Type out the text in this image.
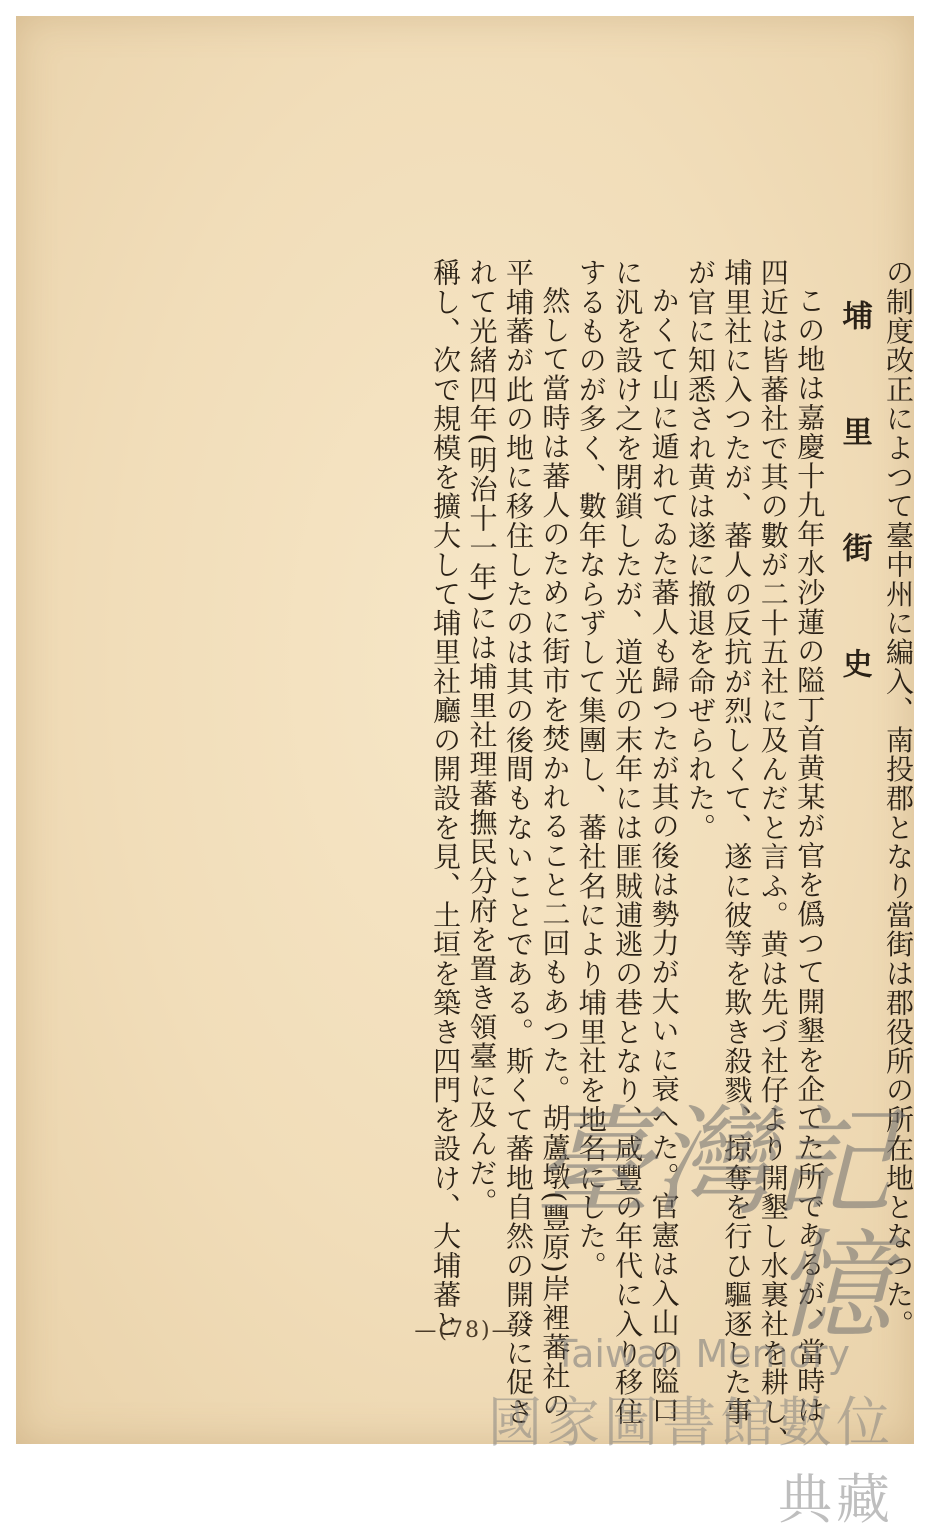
の制度改正によつて臺中州に編入、南投郡となり當街は郡役所の所在地となつた。

埔　里　街　史

この地は嘉慶十九年水沙蓮の隘丁首黄某が官を僞つて開墾を企てた所であるが、當時は

四近は皆蕃社で其の數が二十五社に及んだと言ふ。黄は先づ社仔より開墾し水裏社を耕し、

埔里社に入つたが、蕃人の反抗が烈しくて、遂に彼等を欺き殺戮、掠奪を行ひ驅逐した事

が官に知悉され黄は遂に撤退を命ぜられた。

かくて山に遁れてゐた蕃人も歸つたが其の後は勢力が大いに衰へた。官憲は入山の隘口

に汎を設け之を閉鎖したが、道光の末年には匪賊逋逃の巷となり、咸豐の年代に入り移住

するものが多く、數年ならずして集團し、蕃社名により埔里社を地名にした。

然して當時は蕃人のために街市を焚かれること二回もあつた。胡蘆墩(豐原)岸裡蕃社の

平埔蕃が此の地に移住したのは其の後間もないことである。斯くて蕃地自然の開發に促さ

れて光緒四年(明治十一年)には埔里社理蕃撫民分府を置き領臺に及んだ。

稱し、次で規模を擴大して埔里社廳の開設を見、土垣を築き四門を設け、大埔蕃と

—(78)—
臺灣記憶
Taiwan Memory
國家圖書館數位典藏
